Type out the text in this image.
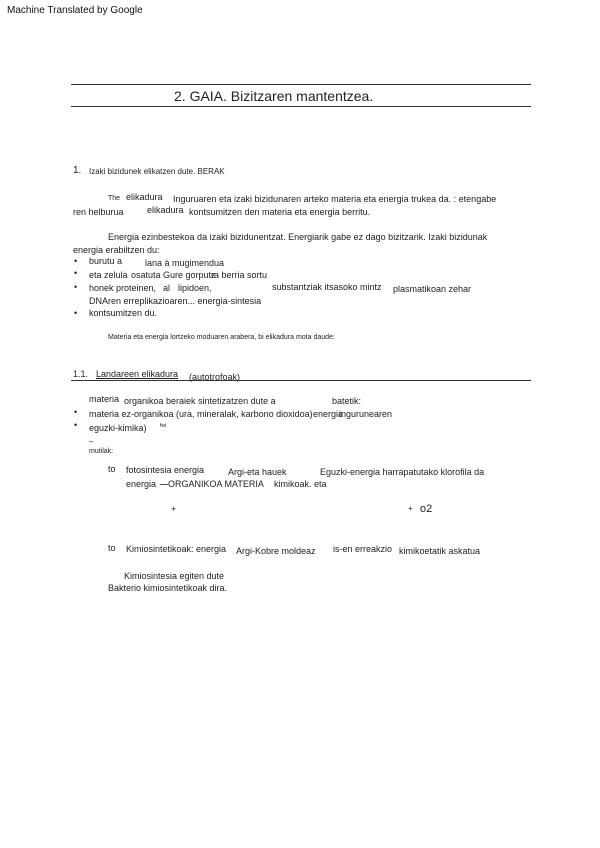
Machine Translated by Google
2. GAIA. Bizitzaren mantentzea.
1. Izaki bizidunek elikatzen dute. BERAK
The elikadura Inguruaren eta izaki bizidunaren arteko materia eta energia trukea da. : etengabe
ren helburua	elikadura kontsumitzen den materia eta energia berritu.
Energia ezinbestekoa da izaki bizidunentzat. Energiarik gabe ez dago bizitzarik. Izaki bizidunak
energia erabiltzen du:
• burutu a	lana à mugimendua
• eta zelula osatuta Gure gorputz
ra berria sortu
• honek proteinen, al lipidoen,	substantziak itsasoko mintz plasmatikoan zehar
DNAren erreplikazioaren... energia-sintesia
• kontsumitzen du.
Materia eta energia lortzeko moduaren arabera, bi elikadura mota daude:
1.1. Landareen elikadura (autotrofoak)
materia organikoa beraiek sintetizatzen dute a	batetik:
• materia ez-organikoa (ura, mineralak, karbono dioxidoa) energia
ingurunearen
• eguzki-kimika)	fwi
–
mutilak:
to fotosintesia energia	Argi-eta hauek	Eguzki-energia harrapatutako klorofila da
energia ORGANIKOA MATERIA kimikoak. eta
+	+ o2
to Kimiosintetikoak: energia Argi-Kobre moldeaz is-en erreakzio kimikoetatik askatua
Kimiosintesia egiten dute
Bakterio kimiosintetikoak dira.
